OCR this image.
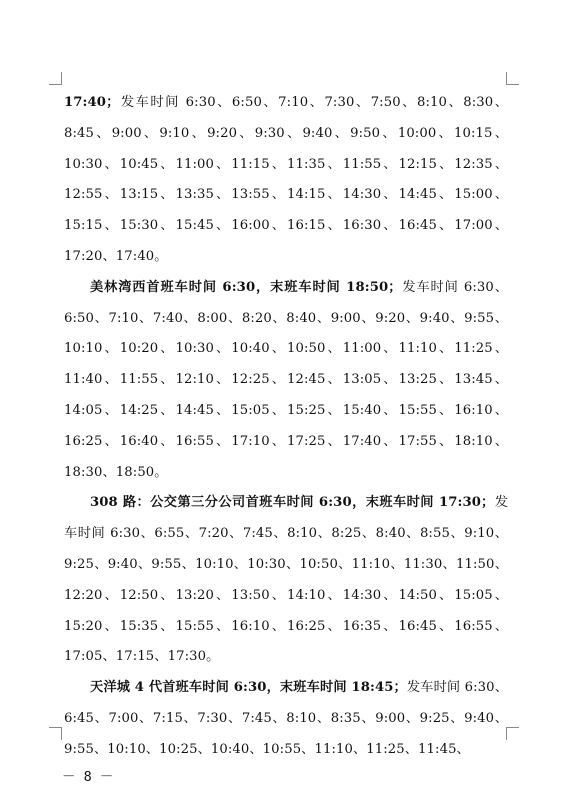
17:40；发车时间 6:30、6:50、7:10、7:30、7:50、8:10、8:30、8:45、9:00、9:10、9:20、9:30、9:40、9:50、10:00、10:15、10:30、10:45、11:00、11:15、11:35、11:55、12:15、12:35、12:55、13:15、13:35、13:55、14:15、14:30、14:45、15:00、15:15、15:30、15:45、16:00、16:15、16:30、16:45、17:00、17:20、17:40。

美林湾西首班车时间 6:30，末班车时间 18:50；发车时间 6:30、6:50、7:10、7:40、8:00、8:20、8:40、9:00、9:20、9:40、9:55、10:10、10:20、10:30、10:40、10:50、11:00、11:10、11:25、11:40、11:55、12:10、12:25、12:45、13:05、13:25、13:45、14:05、14:25、14:45、15:05、15:25、15:40、15:55、16:10、16:25、16:40、16:55、17:10、17:25、17:40、17:55、18:10、18:30、18:50。

308 路：公交第三分公司首班车时间 6:30，末班车时间 17:30；发车时间 6:30、6:55、7:20、7:45、8:10、8:25、8:40、8:55、9:10、9:25、9:40、9:55、10:10、10:30、10:50、11:10、11:30、11:50、12:20、12:50、13:20、13:50、14:10、14:30、14:50、15:05、15:20、15:35、15:55、16:10、16:25、16:35、16:45、16:55、17:05、17:15、17:30。

天洋城 4 代首班车时间 6:30，末班车时间 18:45；发车时间 6:30、6:45、7:00、7:15、7:30、7:45、8:10、8:35、9:00、9:25、9:40、9:55、10:10、10:25、10:40、10:55、11:10、11:25、11:45、

－ 8 －
